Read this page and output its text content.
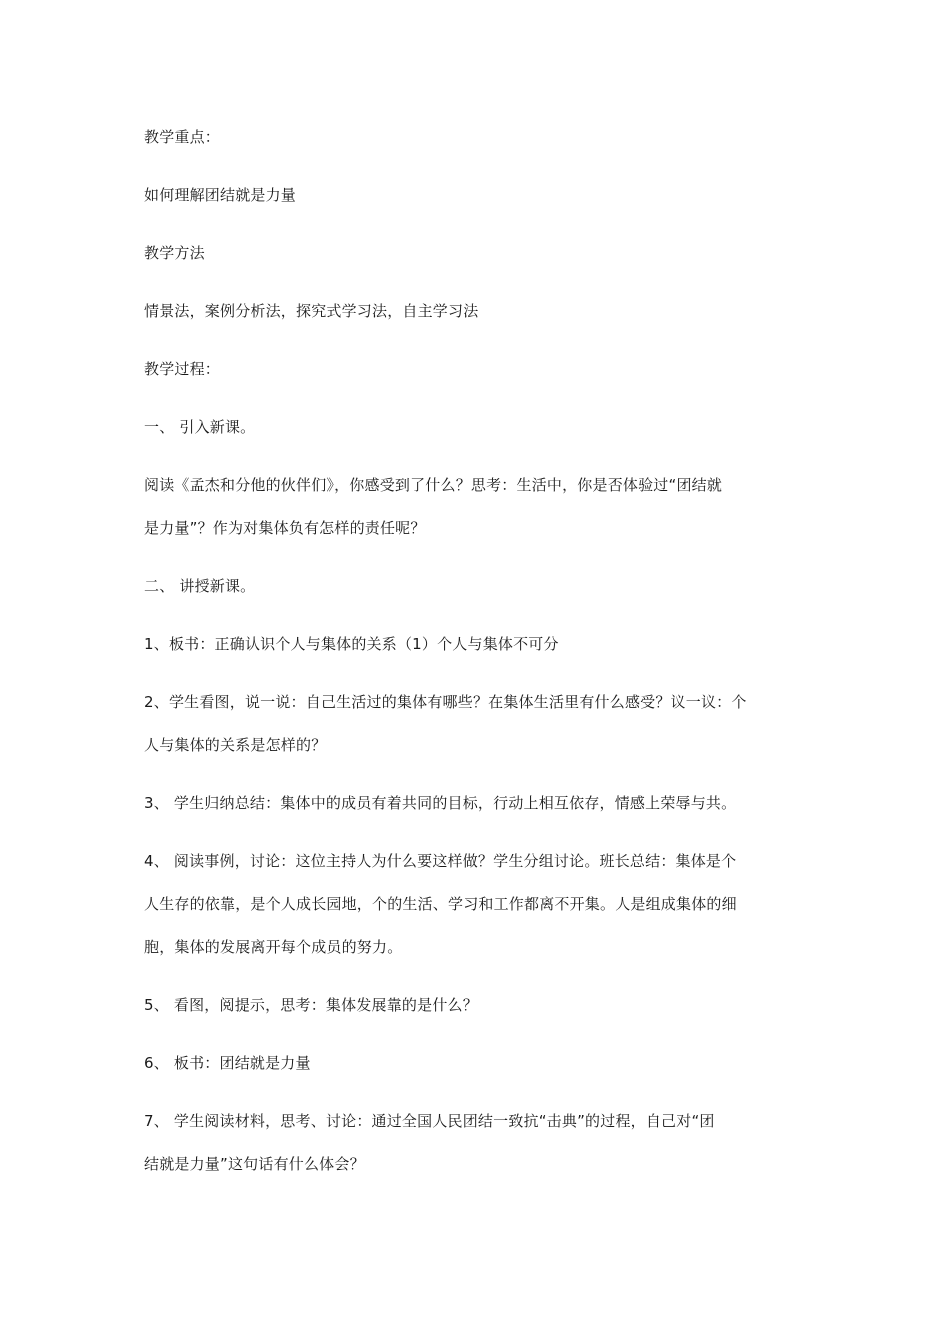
教学重点：
如何理解团结就是力量
教学方法
情景法，案例分析法，探究式学习法，自主学习法
教学过程：
一、 引入新课。
阅读《孟杰和分他的伙伴们》，你感受到了什么？思考：生活中，你是否体验过“团结就
是力量”？作为对集体负有怎样的责任呢？
二、 讲授新课。
1、板书：正确认识个人与集体的关系（1）个人与集体不可分
2、学生看图，说一说：自己生活过的集体有哪些？在集体生活里有什么感受？议一议：个
人与集体的关系是怎样的？
3、 学生归纳总结：集体中的成员有着共同的目标，行动上相互依存，情感上荣辱与共。
4、 阅读事例，讨论：这位主持人为什么要这样做？学生分组讨论。班长总结：集体是个
人生存的依靠，是个人成长园地，个的生活、学习和工作都离不开集。人是组成集体的细
胞，集体的发展离开每个成员的努力。
5、 看图，阅提示，思考：集体发展靠的是什么？
6、 板书：团结就是力量
7、 学生阅读材料，思考、讨论：通过全国人民团结一致抗“击典”的过程，自己对“团
结就是力量”这句话有什么体会？
